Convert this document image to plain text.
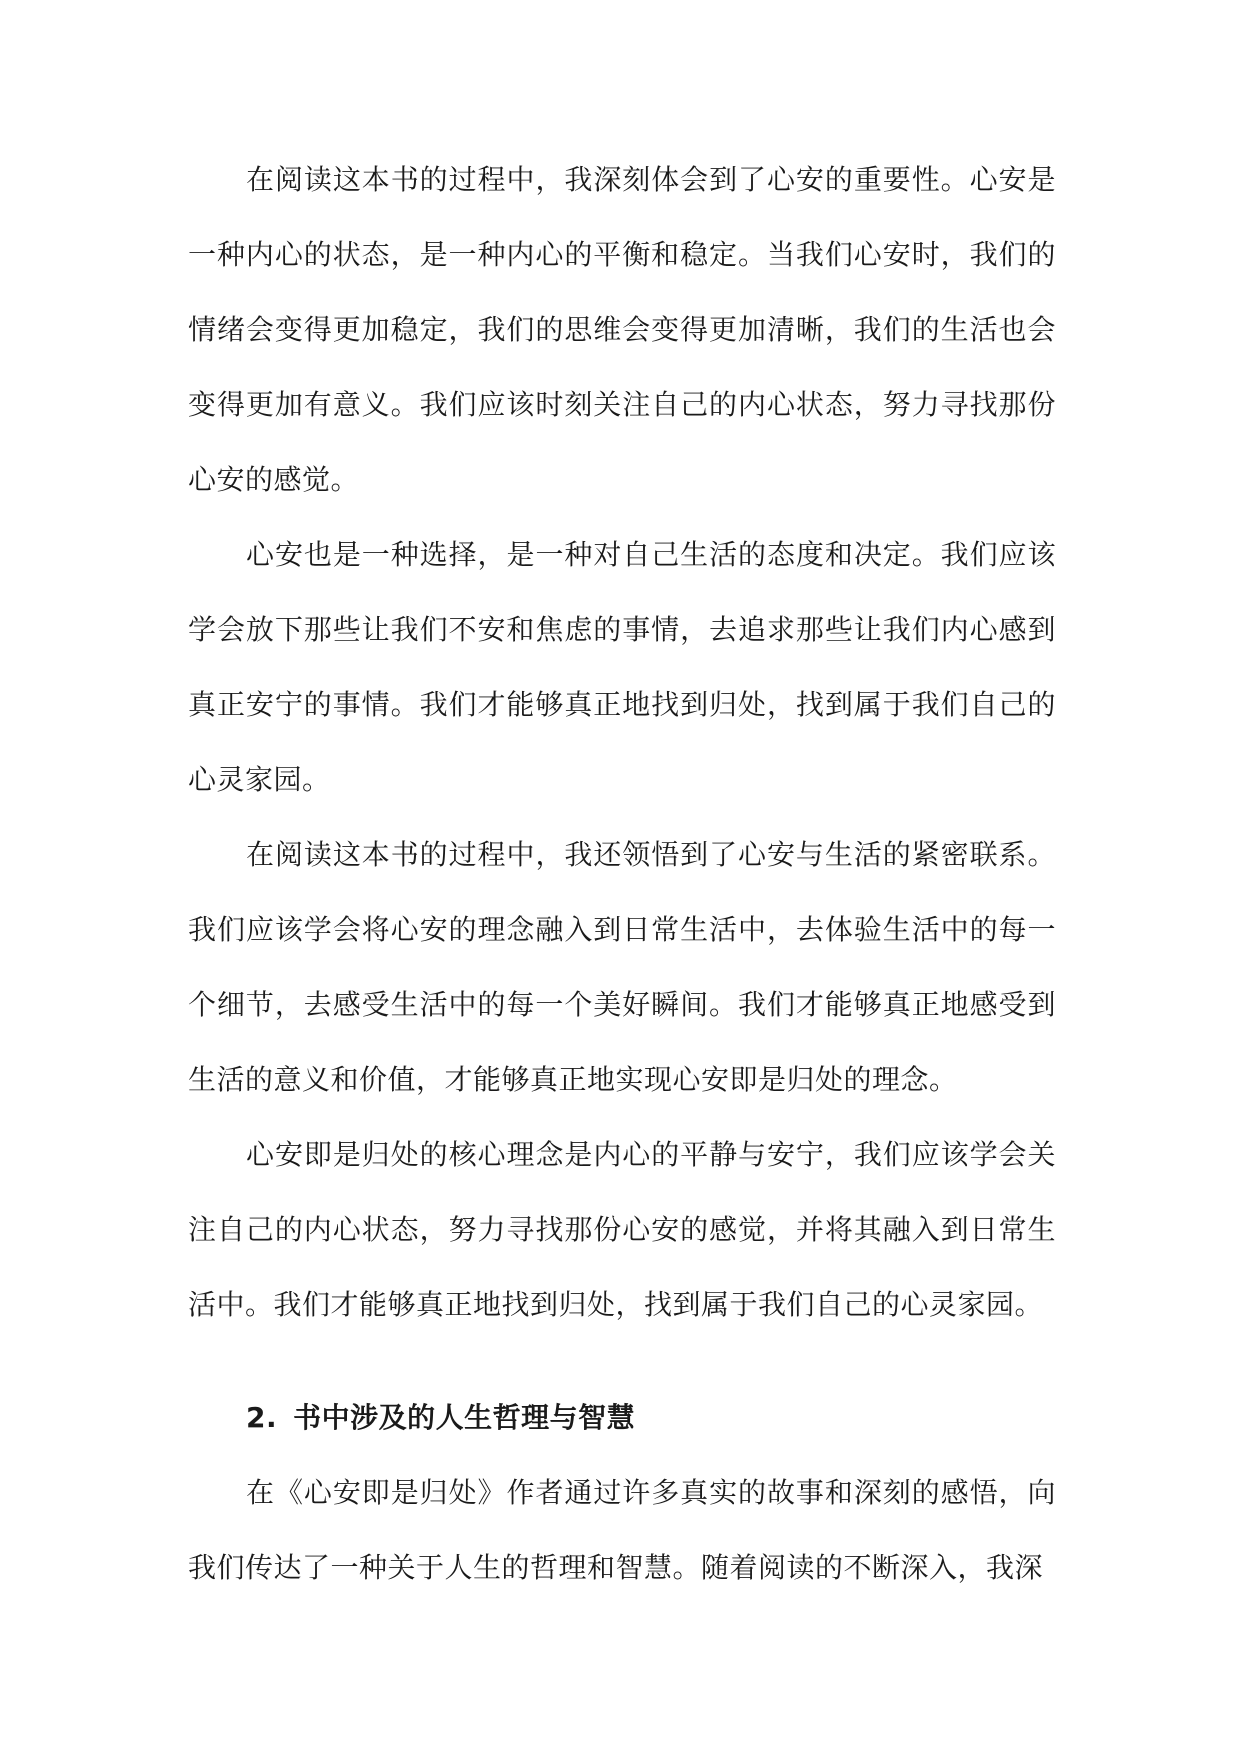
在阅读这本书的过程中，我深刻体会到了心安的重要性。心安是一种内心的状态，是一种内心的平衡和稳定。当我们心安时，我们的情绪会变得更加稳定，我们的思维会变得更加清晰，我们的生活也会变得更加有意义。我们应该时刻关注自己的内心状态，努力寻找那份心安的感觉。

心安也是一种选择，是一种对自己生活的态度和决定。我们应该学会放下那些让我们不安和焦虑的事情，去追求那些让我们内心感到真正安宁的事情。我们才能够真正地找到归处，找到属于我们自己的心灵家园。

在阅读这本书的过程中，我还领悟到了心安与生活的紧密联系。我们应该学会将心安的理念融入到日常生活中，去体验生活中的每一个细节，去感受生活中的每一个美好瞬间。我们才能够真正地感受到生活的意义和价值，才能够真正地实现心安即是归处的理念。

心安即是归处的核心理念是内心的平静与安宁，我们应该学会关注自己的内心状态，努力寻找那份心安的感觉，并将其融入到日常生活中。我们才能够真正地找到归处，找到属于我们自己的心灵家园。

2. 书中涉及的人生哲理与智慧

在《心安即是归处》作者通过许多真实的故事和深刻的感悟，向我们传达了一种关于人生的哲理和智慧。随着阅读的不断深入，我深
